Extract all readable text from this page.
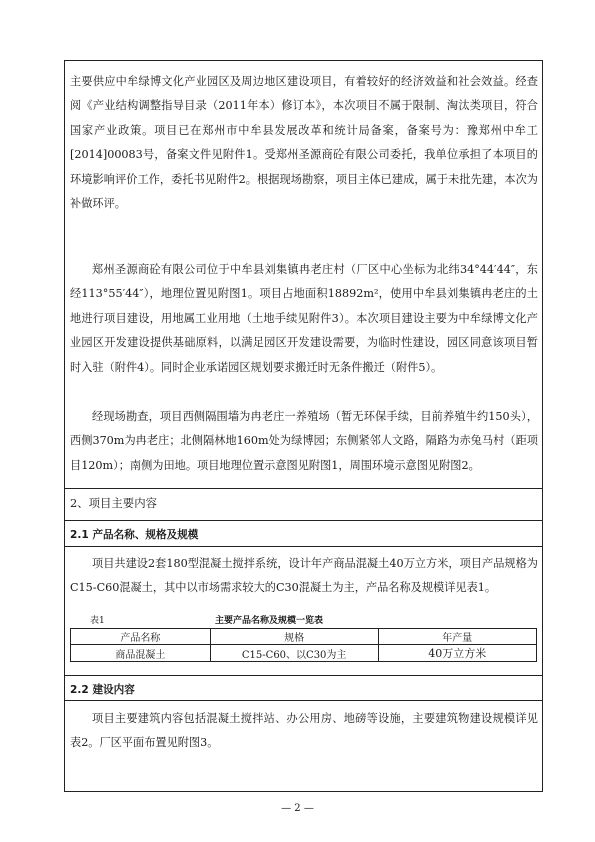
主要供应中牟绿博文化产业园区及周边地区建设项目，有着较好的经济效益和社会效益。经查阅《产业结构调整指导目录（2011年本）修订本》，本次项目不属于限制、淘汰类项目，符合国家产业政策。项目已在郑州市中牟县发展改革和统计局备案，备案号为：豫郑州中牟工[2014]00083号，备案文件见附件1。受郑州圣源商砼有限公司委托，我单位承担了本项目的环境影响评价工作，委托书见附件2。根据现场勘察，项目主体已建成，属于未批先建，本次为补做环评。

郑州圣源商砼有限公司位于中牟县刘集镇冉老庄村（厂区中心坐标为北纬34°44′44″，东经113°55′44″），地理位置见附图1。项目占地面积18892m²，使用中牟县刘集镇冉老庄的土地进行项目建设，用地属工业用地（土地手续见附件3）。本次项目建设主要为中牟绿博文化产业园区开发建设提供基础原料，以满足园区开发建设需要，为临时性建设，园区同意该项目暂时入驻（附件4）。同时企业承诺园区规划要求搬迁时无条件搬迁（附件5）。

经现场勘查，项目西侧隔围墙为冉老庄一养殖场（暂无环保手续，目前养殖牛约150头），西侧370m为冉老庄；北侧隔林地160m处为绿博园；东侧紧邻人文路，隔路为赤兔马村（距项目120m）；南侧为田地。项目地理位置示意图见附图1，周围环境示意图见附图2。

2、项目主要内容

2.1 产品名称、规格及规模

项目共建设2套180型混凝土搅拌系统，设计年产商品混凝土40万立方米，项目产品规格为C15-C60混凝土，其中以市场需求较大的C30混凝土为主，产品名称及规模详见表1。

表1	主要产品名称及规模一览表
产品名称	规格	年产量
商品混凝土	C15-C60、以C30为主	40万立方米

2.2 建设内容

项目主要建筑内容包括混凝土搅拌站、办公用房、地磅等设施，主要建筑物建设规模详见表2。厂区平面布置见附图3。

— 2 —
